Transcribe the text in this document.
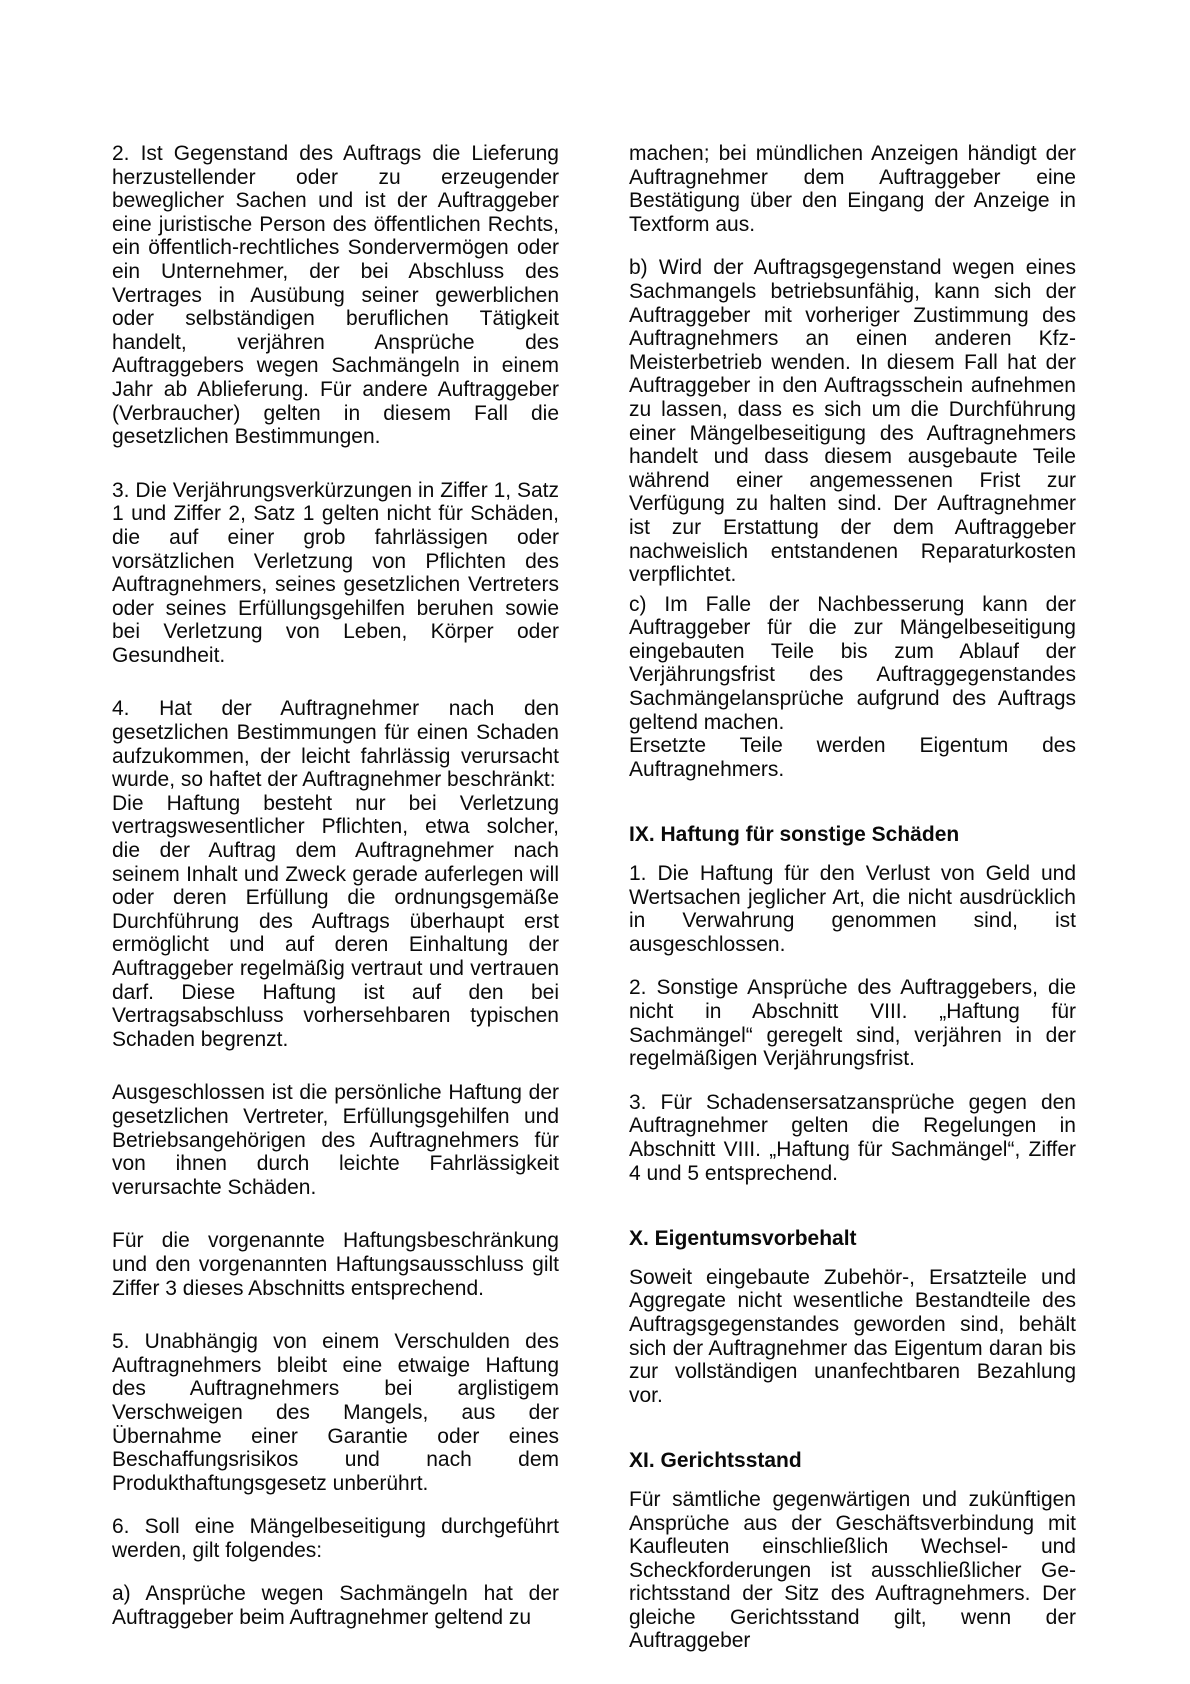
2. Ist Gegenstand des Auftrags die Lieferung herzustellender oder zu erzeugender beweglicher Sachen und ist der Auftraggeber eine juristische Person des öffentlichen Rechts, ein öffentlich-rechtliches Sondervermögen oder ein Unternehmer, der bei Abschluss des Vertrages in Ausübung seiner gewerblichen oder selbständigen beruflichen Tätigkeit handelt, verjähren Ansprüche des Auftraggebers wegen Sachmängeln in einem Jahr ab Ablieferung. Für andere Auftraggeber (Verbraucher) gelten in diesem Fall die gesetzlichen Bestimmungen.

3. Die Verjährungsverkürzungen in Ziffer 1, Satz 1 und Ziffer 2, Satz 1 gelten nicht für Schäden, die auf einer grob fahrlässigen oder vorsätzlichen Verletzung von Pflichten des Auftragnehmers, seines gesetzlichen Vertreters oder seines Erfüllungsgehilfen beruhen sowie bei Verletzung von Leben, Körper oder Gesundheit.

4. Hat der Auftragnehmer nach den gesetzlichen Bestimmungen für einen Schaden aufzukommen, der leicht fahrlässig verursacht wurde, so haftet der Auftragnehmer beschränkt:

Die Haftung besteht nur bei Verletzung vertragswesentlicher Pflichten, etwa solcher, die der Auftrag dem Auftragnehmer nach seinem Inhalt und Zweck gerade auferlegen will oder deren Erfüllung die ordnungsgemäße Durchführung des Auftrags überhaupt erst ermöglicht und auf deren Einhaltung der Auftraggeber regelmäßig vertraut und vertrauen darf. Diese Haftung ist auf den bei Vertragsabschluss vorhersehbaren typischen Schaden begrenzt.

Ausgeschlossen ist die persönliche Haftung der gesetzlichen Vertreter, Erfüllungsgehilfen und Betriebsangehörigen des Auftragnehmers für von ihnen durch leichte Fahrlässigkeit verursachte Schäden.

Für die vorgenannte Haftungsbeschränkung und den vorgenannten Haftungsausschluss gilt Ziffer 3 dieses Abschnitts entsprechend.

5. Unabhängig von einem Verschulden des Auftragnehmers bleibt eine etwaige Haftung des Auftragnehmers bei arglistigem Verschweigen des Mangels, aus der Übernahme einer Garantie oder eines Beschaffungsrisikos und nach dem Produkthaftungsgesetz unberührt.

6. Soll eine Mängelbeseitigung durchgeführt werden, gilt folgendes:

a) Ansprüche wegen Sachmängeln hat der Auftraggeber beim Auftragnehmer geltend zu

machen; bei mündlichen Anzeigen händigt der Auftragnehmer dem Auftraggeber eine Bestätigung über den Eingang der Anzeige in Textform aus.

b) Wird der Auftragsgegenstand wegen eines Sachmangels betriebsunfähig, kann sich der Auftraggeber mit vorheriger Zustimmung des Auftragnehmers an einen anderen Kfz-Meisterbetrieb wenden. In diesem Fall hat der Auftraggeber in den Auftragsschein aufnehmen zu lassen, dass es sich um die Durchführung einer Mängelbeseitigung des Auftragnehmers handelt und dass diesem ausgebaute Teile während einer angemessenen Frist zur Verfügung zu halten sind. Der Auftragnehmer ist zur Erstattung der dem Auftraggeber nachweislich entstandenen Reparaturkosten verpflichtet.

c) Im Falle der Nachbesserung kann der Auftraggeber für die zur Mängelbeseitigung eingebauten Teile bis zum Ablauf der Verjährungsfrist des Auftraggegenstandes Sachmängelansprüche aufgrund des Auftrags geltend machen.

Ersetzte Teile werden Eigentum des Auftragnehmers.

IX. Haftung für sonstige Schäden

1. Die Haftung für den Verlust von Geld und Wertsachen jeglicher Art, die nicht ausdrücklich in Verwahrung genommen sind, ist ausgeschlossen.

2. Sonstige Ansprüche des Auftraggebers, die nicht in Abschnitt VIII. „Haftung für Sachmängel“ geregelt sind, verjähren in der regelmäßigen Verjährungsfrist.

3. Für Schadensersatzansprüche gegen den Auftragnehmer gelten die Regelungen in Abschnitt VIII. „Haftung für Sachmängel“, Ziffer 4 und 5 entsprechend.

X. Eigentumsvorbehalt

Soweit eingebaute Zubehör-, Ersatzteile und Aggregate nicht wesentliche Bestandteile des Auftragsgegenstandes geworden sind, behält sich der Auftragnehmer das Eigentum daran bis zur vollständigen unanfechtbaren Bezahlung vor.

XI. Gerichtsstand

Für sämtliche gegenwärtigen und zukünftigen Ansprüche aus der Geschäftsverbindung mit Kaufleuten einschließlich Wechsel- und Scheckforderungen ist ausschließlicher Gerichtsstand der Sitz des Auftragnehmers. Der gleiche Gerichtsstand gilt, wenn der Auftraggeber
